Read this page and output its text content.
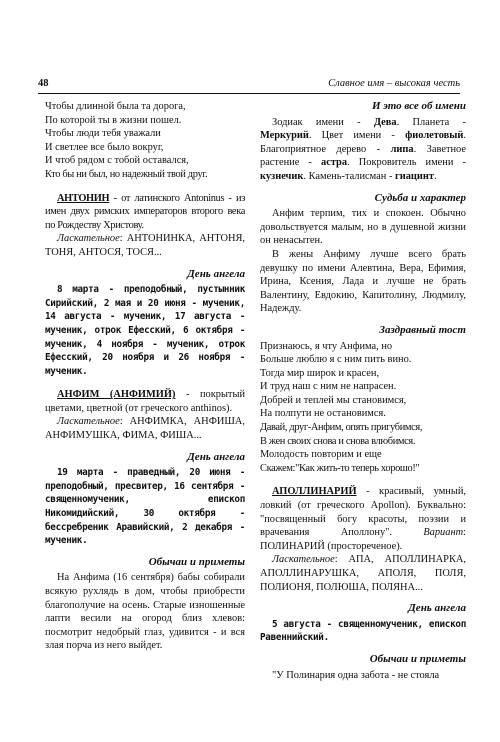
48	Славное имя – высокая честь

Чтобы длинной была та дорога,

По которой ты в жизни пошел.

Чтобы люди тебя уважали

И светлее все было вокруг,

И чтоб рядом с тобой оставался,

Кто бы ни был, но надежный твой друг.

АНТОНИН - от латинского Antoninus - из имен двух римских императоров второго века по Рождеству Христову.

Ласкательное: АНТОНИНКА, АНТОНЯ, ТОНЯ, АНТОСЯ, ТОСЯ...

День ангела

8 марта - преподобный, пустынник Сирийский, 2 мая и 20 июня - мученик, 14 августа - мученик, 17 августа - мученик, отрок Ефесский, 6 октября - мученик, 4 ноября - мученик, отрок Ефесский, 20 ноября и 26 ноября - мученик.

АНФИМ (АНФИМИЙ) - покрытый цветами, цветной (от греческого anthinos).

Ласкательное: АНФИМКА, АНФИША, АНФИМУШКА, ФИМА, ФИША...

День ангела

19 марта - праведный, 20 июня - преподобный, пресвитер, 16 сентября - священномученик, епископ Никомидийский, 30 октября - бессребреник Аравийский, 2 декабря - мученик.

Обычаи и приметы

На Анфима (16 сентября) бабы собирали всякую рухлядь в дом, чтобы приобрести благополучие на осень. Старые изношенные лапти весили на огород близ хлевов: посмотрит недобрый глаз, удивится - и вся злая порча из него выйдет.

И это все об имени

Зодиак имени - Дева. Планета - Меркурий. Цвет имени - фиолетовый. Благоприятное дерево - липа. Заветное растение - астра. Покровитель имени - кузнечик. Камень-талисман - гиацинт.

Судьба и характер

Анфим терпим, тих и спокоен. Обычно довольствуется малым, но в душевной жизни он ненасытен.

В жены Анфиму лучше всего брать девушку по имени Алевтина, Вера, Ефимия, Ирина, Ксения, Лада и лучше не брать Валентину, Евдокию, Капитолину, Людмилу, Надежду.

Заздравный тост

Признаюсь, я чту Анфима, но

Больше люблю я с ним пить вино.

Тогда мир широк и красен,

И труд наш с ним не напрасен.

Добрей и теплей мы становимся,

На полпути не остановимся.

Давай, друг-Анфим, опять пригубимся,

В жен своих снова и снова влюбимся.

Молодость повторим и еще

Скажем:"Как жить-то теперь хорошо!"

АПОЛЛИНАРИЙ - красивый, умный, ловкий (от греческого Apollon). Буквально: "посвященный богу красоты, поэзии и врачевания Аполлону". Вариант: ПОЛИНАРИЙ (простореченое).

Ласкательное: АПА, АПОЛЛИНАРКА, АПОЛЛИНАРУШКА, АПОЛЯ, ПОЛЯ, ПОЛИОНЯ, ПОЛЮША, ПОЛЯНА...

День ангела

5 августа - священномученик, епископ Равеннийский.

Обычаи и приметы

"У Полинария одна забота - не стояла
